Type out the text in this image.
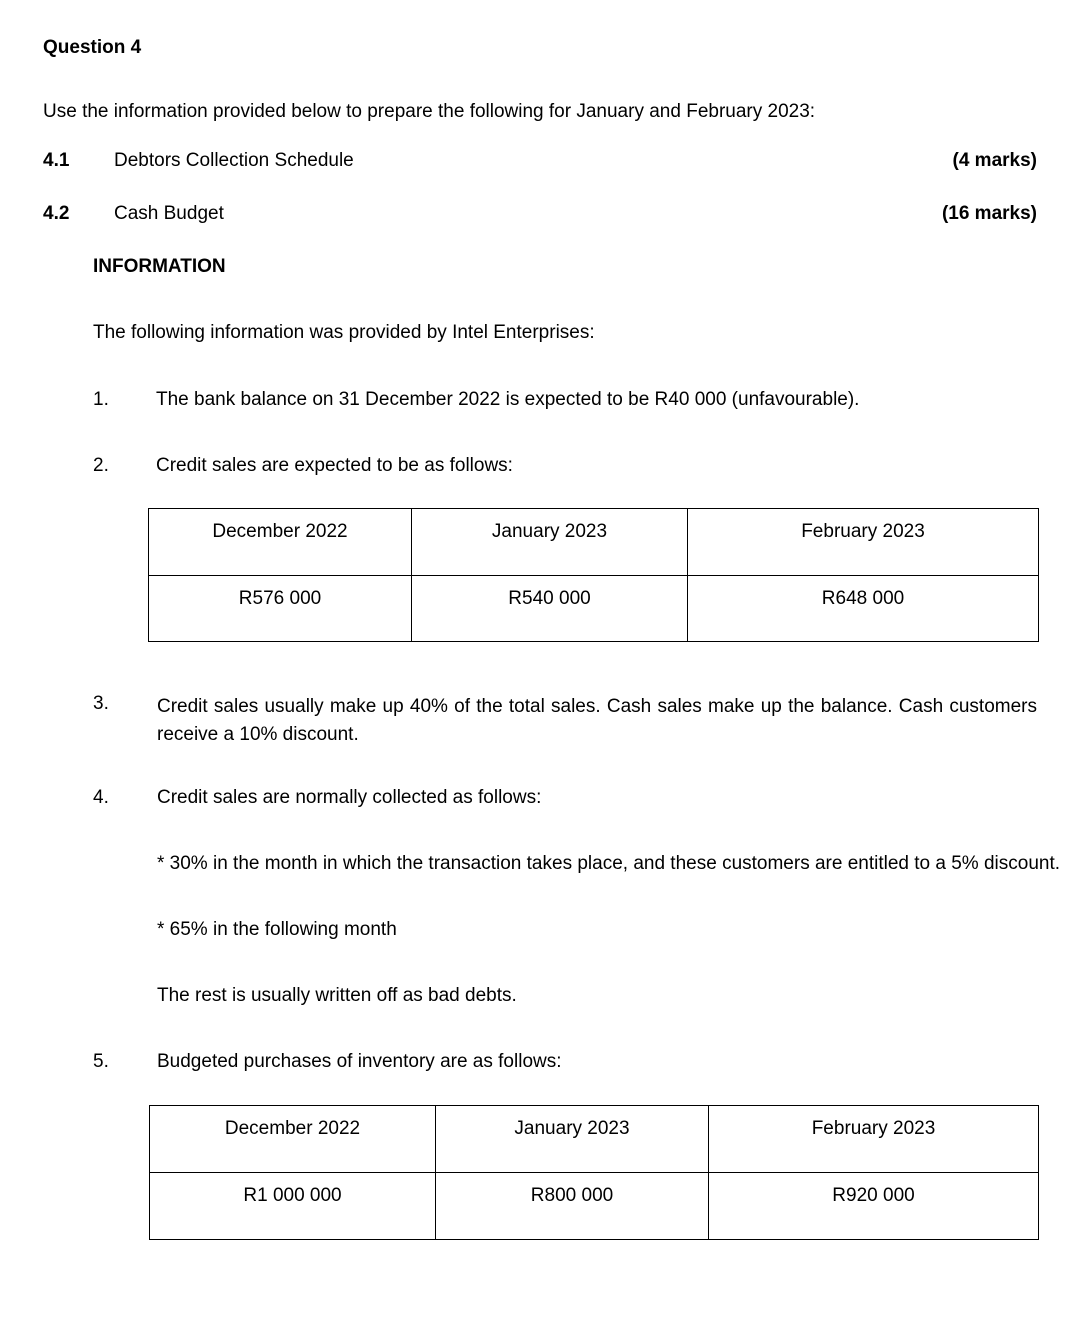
Question 4
Use the information provided below to prepare the following for January and February 2023:
4.1 Debtors Collection Schedule	(4 marks)
4.2 Cash Budget	(16 marks)
INFORMATION
The following information was provided by Intel Enterprises:
1. The bank balance on 31 December 2022 is expected to be R40 000 (unfavourable).
2. Credit sales are expected to be as follows:
December 2022	January 2023	February 2023
R576 000	R540 000	R648 000
3.	Credit sales usually make up 40% of the total sales. Cash sales make up the balance. Cash customers receive a 10% discount.
4.	Credit sales are normally collected as follows:
* 30% in the month in which the transaction takes place, and these customers are entitled to a 5% discount.
* 65% in the following month
The rest is usually written off as bad debts.
5.	Budgeted purchases of inventory are as follows:
December 2022	January 2023	February 2023
R1 000 000	R800 000	R920 000
